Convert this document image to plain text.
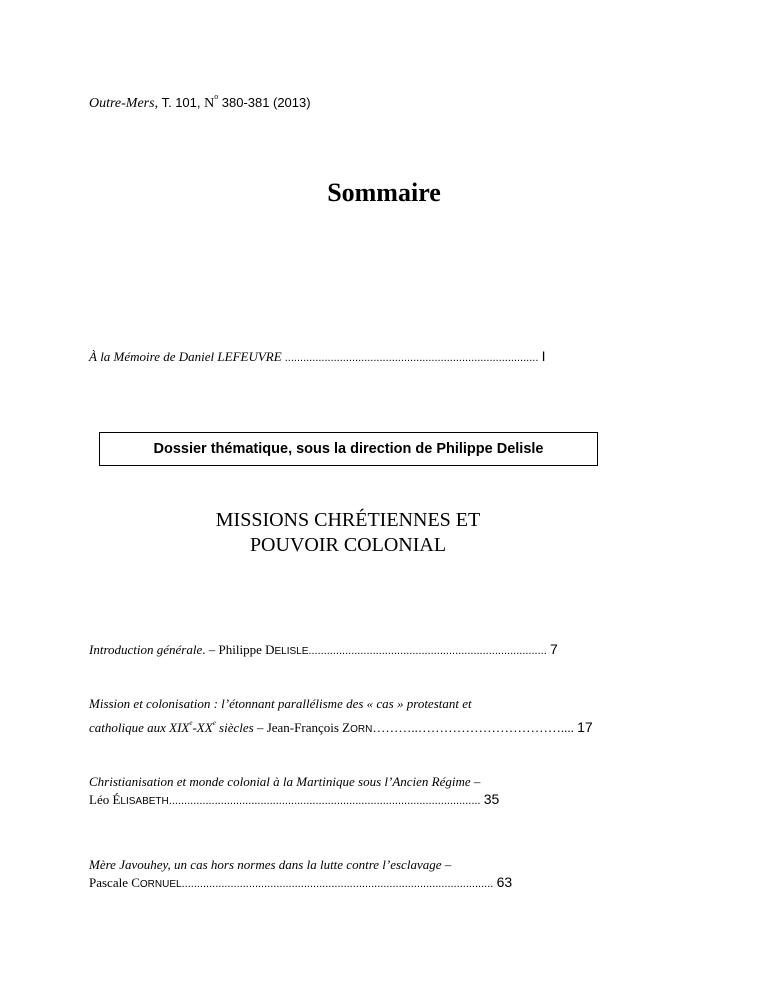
Outre-Mers, T. 101, $N^o$ 380-381 (2013)
Sommaire
À la Mémoire de Daniel LEFEUVRE ................................................................................... I
Dossier thématique, sous la direction de Philippe Delisle
MISSIONS CHRÉTIENNES ET
POUVOIR COLONIAL
Introduction générale. – Philippe DELISLE.............................................................................. 7
Mission et colonisation : l’étonnant parallélisme des « cas » protestant et
catholique aux XIXe-XXe siècles – Jean-François ZORN………..…………………………….... 17
Christianisation et monde colonial à la Martinique sous l’Ancien Régime –
Léo ÉLISABETH...................................................................................................... 35
Mère Javouhey, un cas hors normes dans la lutte contre l’esclavage –
Pascale CORNUEL...................................................................................................... 63
